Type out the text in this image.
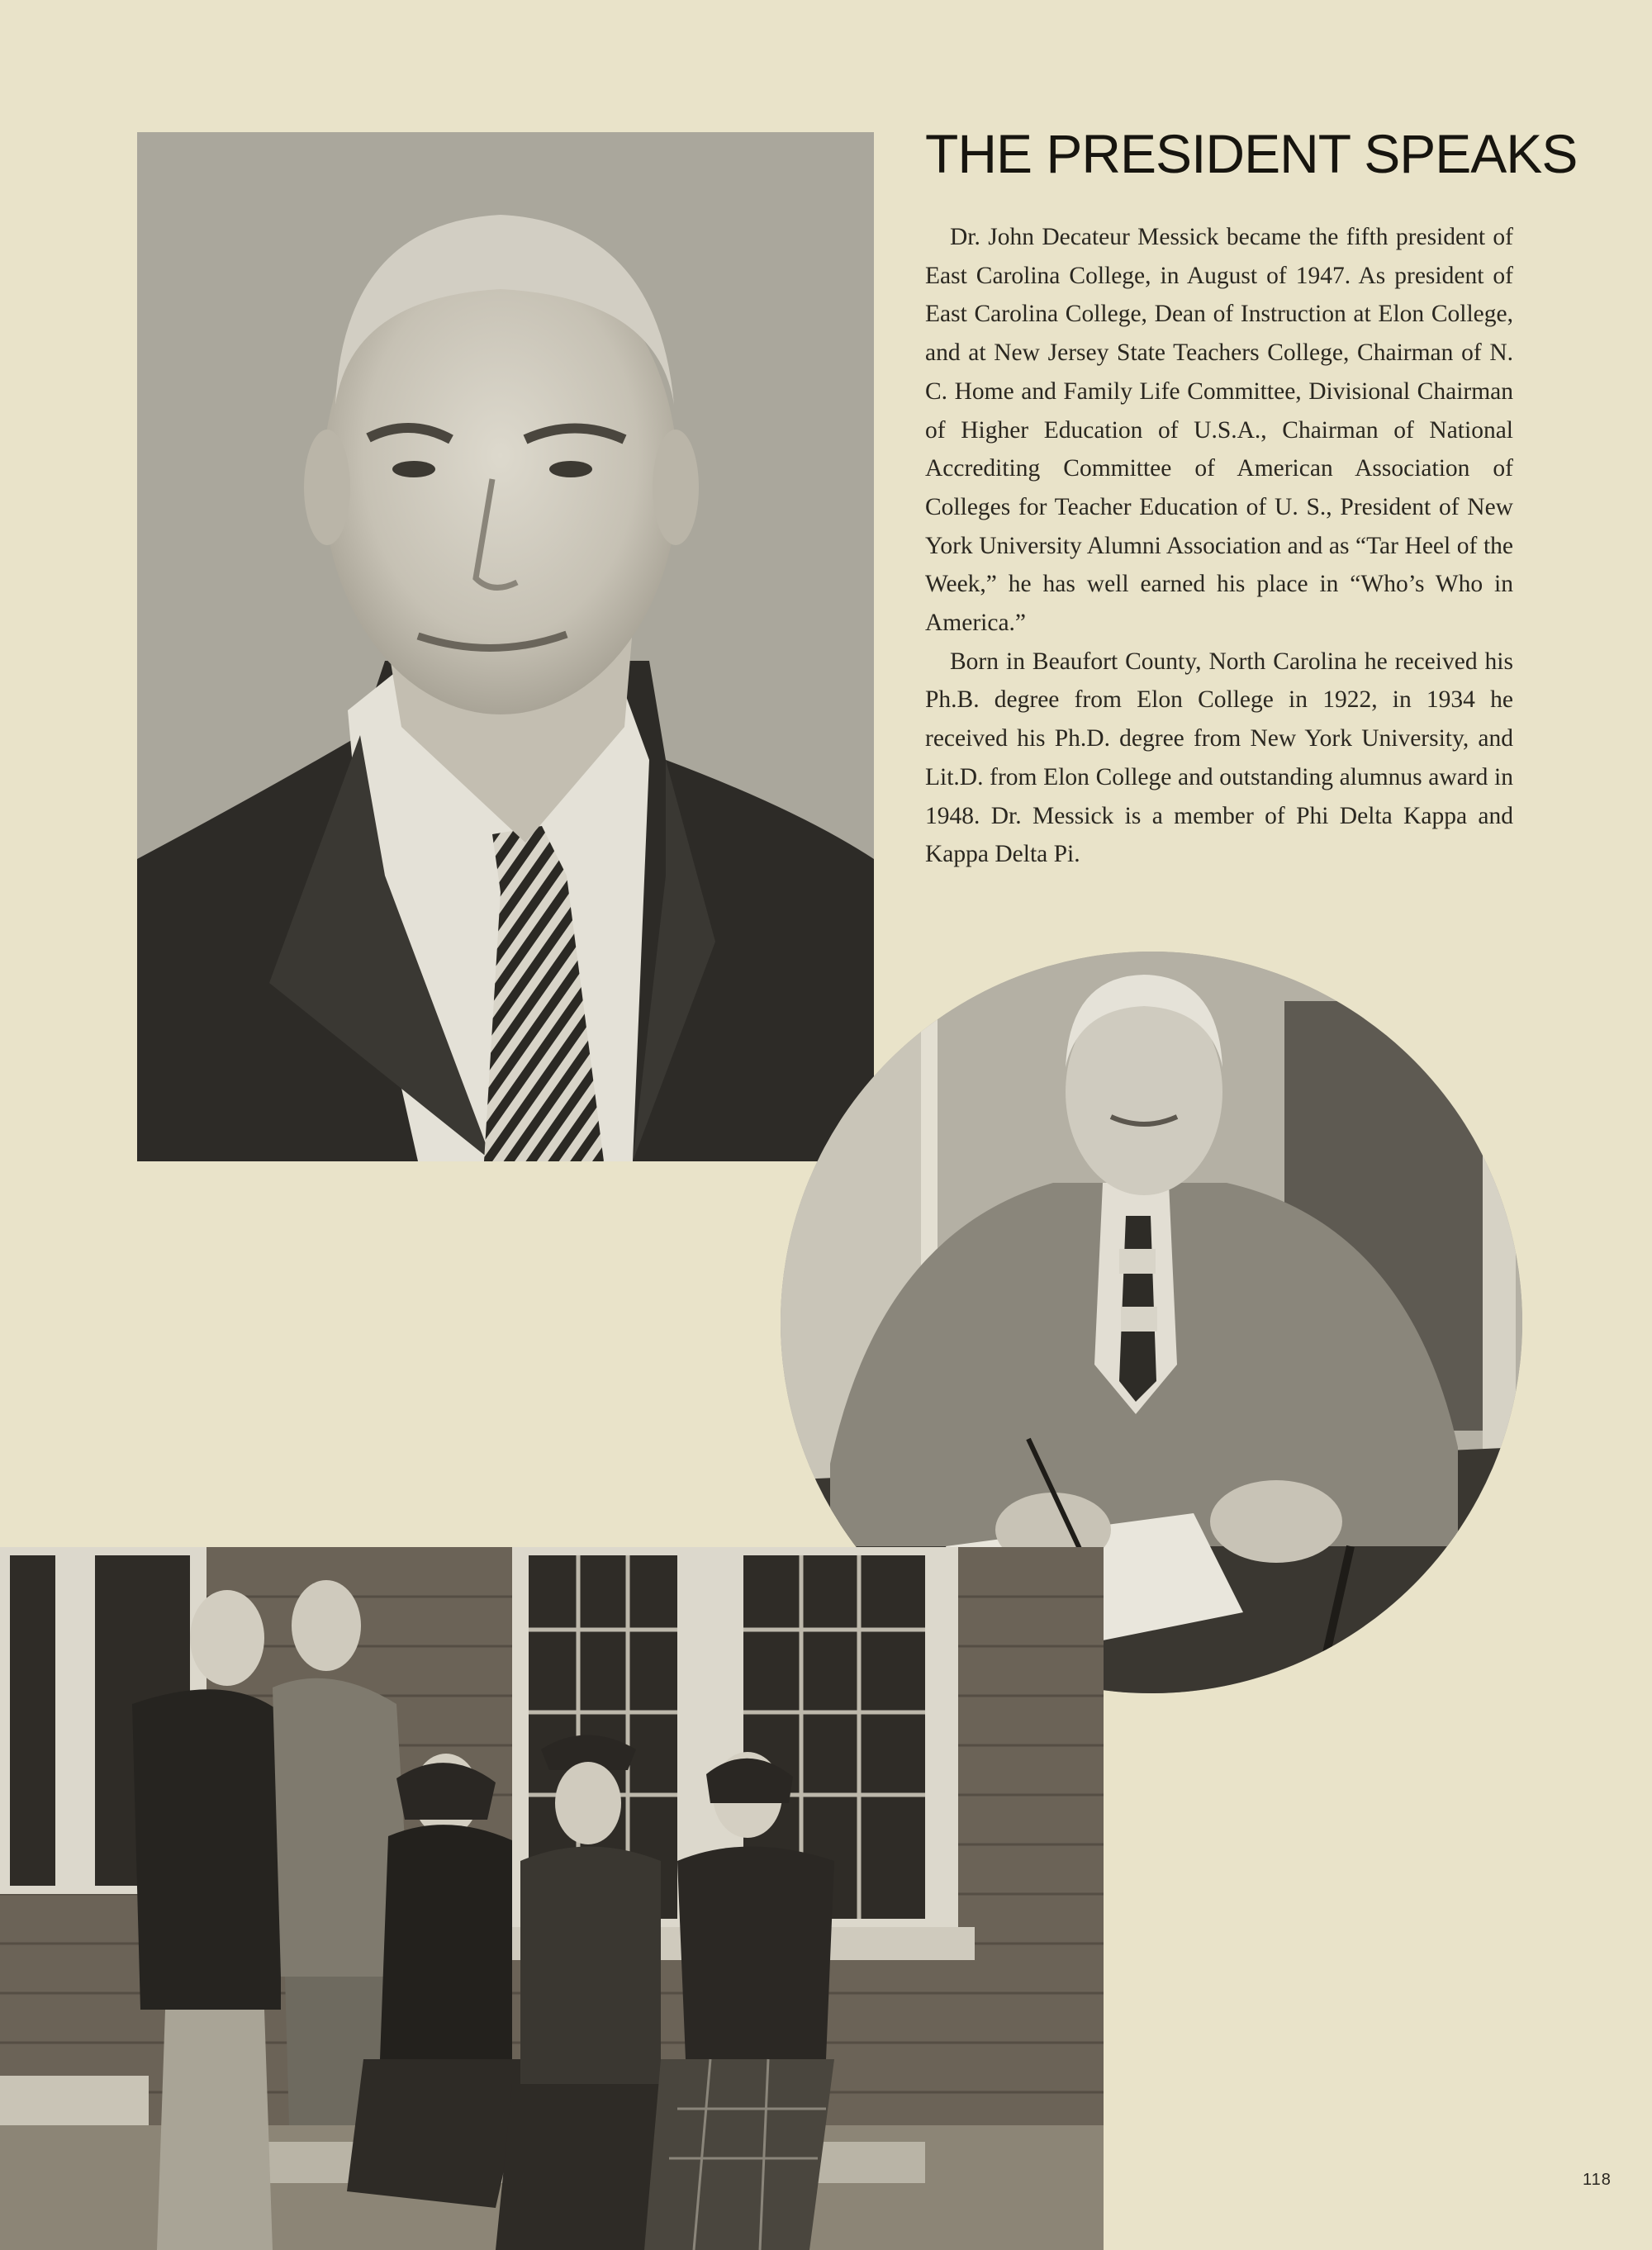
THE PRESIDENT SPEAKS

Dr. John Decateur Messick became the fifth president of East Carolina College, in August of 1947. As president of East Carolina College, Dean of Instruction at Elon College, and at New Jersey State Teachers College, Chairman of N. C. Home and Family Life Committee, Divisional Chairman of Higher Education of U.S.A., Chairman of National Accrediting Committee of American Association of Colleges for Teacher Education of U. S., President of New York University Alumni Association and as “Tar Heel of the Week,” he has well earned his place in “Who’s Who in America.”

Born in Beaufort County, North Carolina he received his Ph.B. degree from Elon College in 1922, in 1934 he received his Ph.D. degree from New York University, and Lit.D. from Elon College and outstanding alumnus award in 1948. Dr. Messick is a member of Phi Delta Kappa and Kappa Delta Pi.

118
